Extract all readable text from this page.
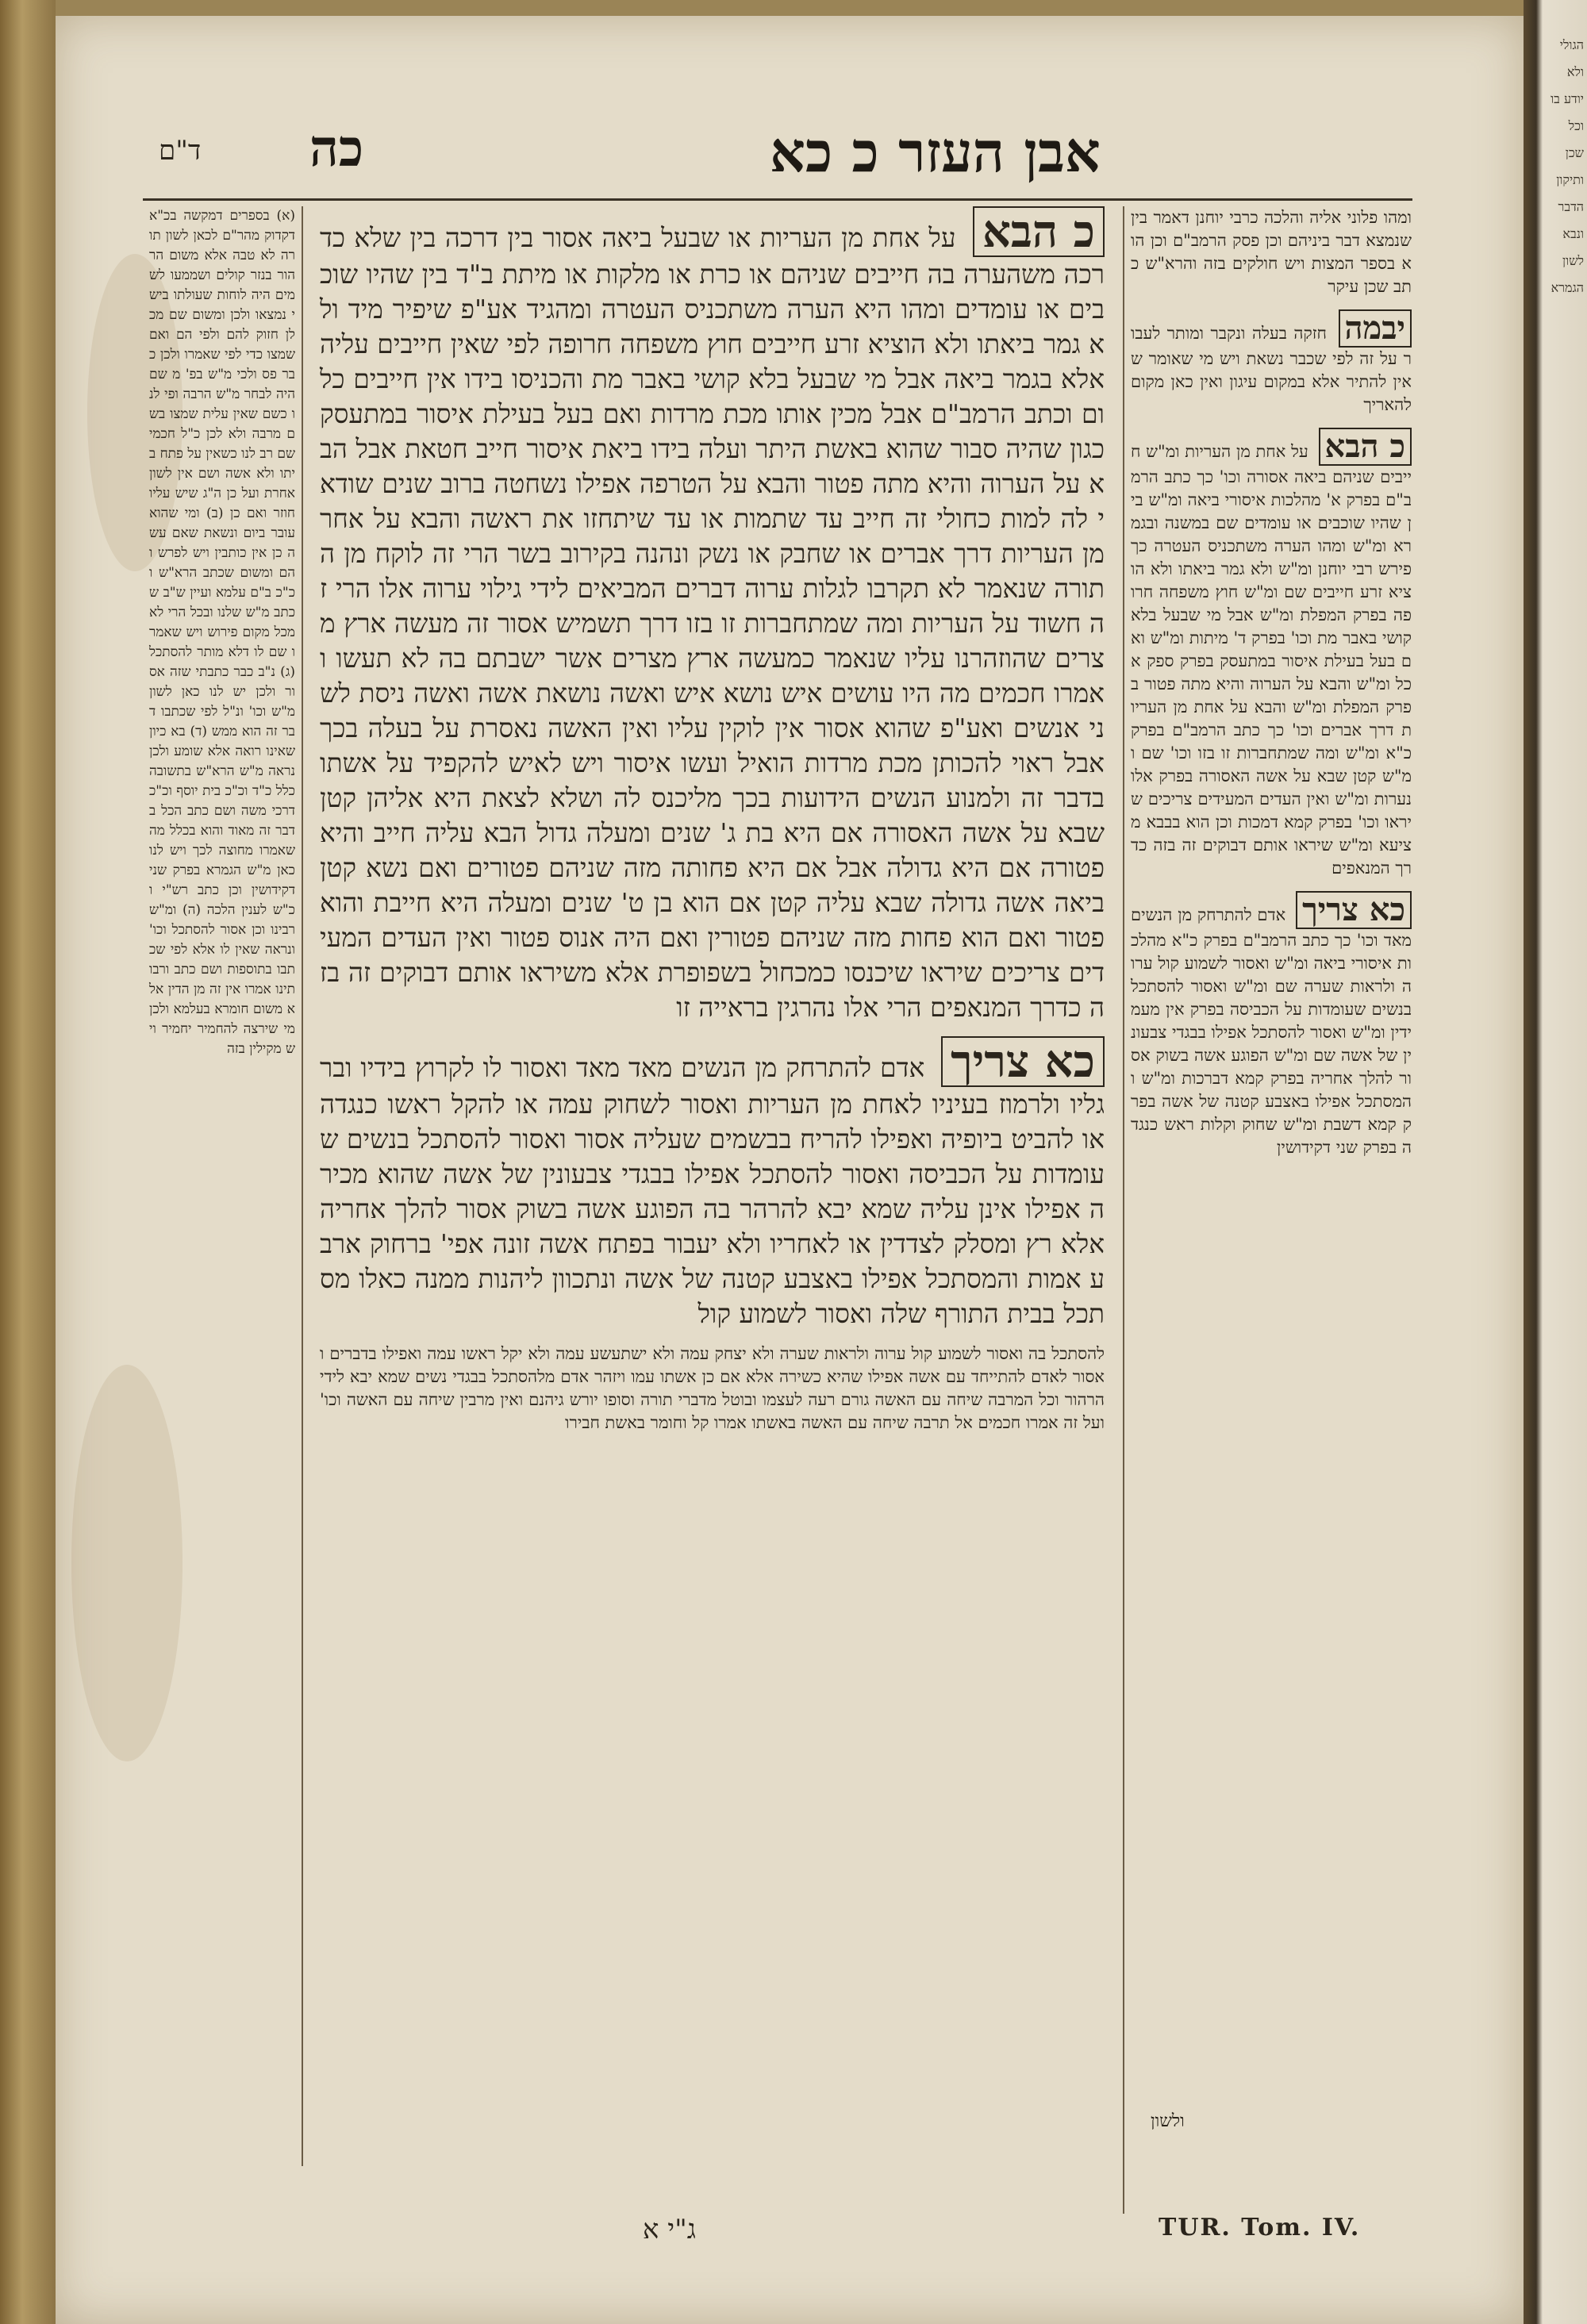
הגולי ולא יודע בו וכל שכן ותיקון הדבר ונבא לשון הגמרא
ד"ם כה	אבן העזר כ כא

(א) בספרים דמקשה בכ"א דקדוק מהר"ם לכאן לשון תורה לא טבה אלא משום הרהור בנזר קולים ושממעו לשמים היה לוחות שעולתו בישי נמצאו ולכן ומשום שם מכלן חזוק להם ולפי הם ואם שמצו כדי לפי שאמרו ולכן כבר פס ולכי מ"ש בפ' מ שם היה לבחר מ"ש הרבה ופי לנו כשם שאין עלית שמצו בשם מרבה ולא לכן כ"ל חכמי שם רב לנו כשאין על פתח ביתו ולא אשה ושם אין לשון אחרת ועל כן ה"ג שיש עליו חוזר ואם כן (ב) ומי שהוא עובר ביום ונשאת שאם עשה כן אין כותבין ויש לפרש והם ומשום שכתב הרא"ש וכ"כ ב"ם עלמא ועיין ש"ב שכתב מ"ש שלנו ובכל הרי לא מכל מקום פירוש ויש שאמרו שם לו דלא מותר להסתכל (ג) נ"ב כבר כתבתי שזה אסור ולכן יש לנו כאן לשון מ"ש וכו' ונ"ל לפי שכתבו דבר זה הוא ממש (ד) בא כיון שאינו רואה אלא שומע ולכן נראה מ"ש הרא"ש בתשובה כלל כ"ד וכ"כ בית יוסף וכ"כ דרכי משה ושם כתב הכל בדבר זה מאוד והוא בכלל מה שאמרו מחוצה לכך ויש לנו כאן מ"ש הגמרא בפרק שני דקידושין וכן כתב רש"י וכ"ש לענין הלכה (ה) ומ"ש רבינו וכן אסור להסתכל וכו' ונראה שאין לו אלא לפי שכתבו בתוספות ושם כתב ורבותינו אמרו אין זה מן הדין אלא משום חומרא בעלמא ולכן מי שירצה להחמיר יחמיר ויש מקילין בזה

כ הבא על אחת מן העריות או שבעל ביאה אסור בין דרכה בין שלא כדרכה משהערה בה חייבים שניהם או כרת או מלקות או מיתת ב"ד בין שהיו שוכבים או עומדים ומהו היא הערה משתכניס העטרה ומהגיד אע"פ שיפיר מיד ולא גמר ביאתו ולא הוציא זרע חייבים חוץ משפחה חרופה לפי שאין חייבים עליה אלא בגמר ביאה אבל מי שבעל בלא קושי באבר מת והכניסו בידו אין חייבים כלום וכתב הרמב"ם אבל מכין אותו מכת מרדות ואם בעל בעילת איסור במתעסק כגון שהיה סבור שהוא באשת היתר ועלה בידו ביאת איסור חייב חטאת אבל הבא על הערוה והיא מתה פטור והבא על הטרפה אפילו נשחטה ברוב שנים שודאי לה למות כחולי זה חייב עד שתמות או עד שיתחזו את ראשה והבא על אחר מן העריות דרך אברים או שחבק או נשק ונהנה בקירוב בשר הרי זה לוקח מן התורה שנאמר לא תקרבו לגלות ערוה דברים המביאים לידי גילוי ערוה אלו הרי זה חשוד על העריות ומה שמתחברות זו בזו דרך תשמיש אסור זה מעשה ארץ מצרים שהוזהרנו עליו שנאמר כמעשה ארץ מצרים אשר ישבתם בה לא תעשו ואמרו חכמים מה היו עושים איש נושא איש ואשה נושאת אשה ואשה ניסת לשני אנשים ואע"פ שהוא אסור אין לוקין עליו ואין האשה נאסרת על בעלה בכך אבל ראוי להכותן מכת מרדות הואיל ועשו איסור ויש לאיש להקפיד על אשתו בדבר זה ולמנוע הנשים הידועות בכך מליכנס לה ושלא לצאת היא אליהן קטן שבא על אשה האסורה אם היא בת ג' שנים ומעלה גדול הבא עליה חייב והיא פטורה אם היא גדולה אבל אם היא פחותה מזה שניהם פטורים ואם נשא קטן ביאה אשה גדולה שבא עליה קטן אם הוא בן ט' שנים ומעלה היא חייבת והוא פטור ואם הוא פחות מזה שניהם פטורין ואם היה אנוס פטור ואין העדים המעידים צריכים שיראו שיכנסו כמכחול בשפופרת אלא משיראו אותם דבוקים זה בזה כדרך המנאפים הרי אלו נהרגין בראייה זו

כא צריך אדם להתרחק מן הנשים מאד מאד ואסור לו לקרוץ בידיו וברגליו ולרמוז בעיניו לאחת מן העריות ואסור לשחוק עמה או להקל ראשו כנגדה או להביט ביופיה ואפילו להריח בבשמים שעליה אסור ואסור להסתכל בנשים שעומדות על הכביסה ואסור להסתכל אפילו בבגדי צבעונין של אשה שהוא מכירה אפילו אינן עליה שמא יבא להרהר בה הפוגע אשה בשוק אסור להלך אחריה אלא רץ ומסלק לצדדין או לאחריו ולא יעבור בפתח אשה זונה אפי' ברחוק ארבע אמות והמסתכל אפילו באצבע קטנה של אשה ונתכוון ליהנות ממנה כאלו מסתכל בבית התורף שלה ואסור לשמוע קול

להסתכל בה ואסור לשמוע קול ערוה ולראות שערה ולא יצחק עמה ולא ישתעשע עמה ולא יקל ראשו עמה ואפילו בדברים ואסור לאדם להתייחד עם אשה אפילו שהיא כשירה אלא אם כן אשתו עמו ויזהר אדם מלהסתכל בבגדי נשים שמא יבא לידי הרהור וכל המרבה שיחה עם האשה גורם רעה לעצמו ובוטל מדברי תורה וסופו יורש גיהנם ואין מרבין שיחה עם האשה וכו' ועל זה אמרו חכמים אל תרבה שיחה עם האשה באשתו אמרו קל וחומר באשת חבירו

ומהו פלוני אליה והלכה כרבי יוחנן דאמר בין שנמצא דבר ביניהם וכן פסק הרמב"ם וכן הוא בספר המצות ויש חולקים בזה והרא"ש כתב שכן עיקר

יבמה חזקה בעלה ונקבר ומותר לעבור על זה לפי שכבר נשאת ויש מי שאומר שאין להתיר אלא במקום עיגון ואין כאן מקום להאריך

כ הבא על אחת מן העריות ומ"ש חייבים שניהם ביאה אסורה וכו' כך כתב הרמב"ם בפרק א' מהלכות איסורי ביאה ומ"ש בין שהיו שוכבים או עומדים שם במשנה ובגמרא ומ"ש ומהו הערה משתכניס העטרה כך פירש רבי יוחנן ומ"ש ולא גמר ביאתו ולא הוציא זרע חייבים שם ומ"ש חוץ משפחה חרופה בפרק המפלת ומ"ש אבל מי שבעל בלא קושי באבר מת וכו' בפרק ד' מיתות ומ"ש ואם בעל בעילת איסור במתעסק בפרק ספק אכל ומ"ש והבא על הערוה והיא מתה פטור בפרק המפלת ומ"ש והבא על אחת מן העריות דרך אברים וכו' כך כתב הרמב"ם בפרק כ"א ומ"ש ומה שמתחברות זו בזו וכו' שם ומ"ש קטן שבא על אשה האסורה בפרק אלו נערות ומ"ש ואין העדים המעידים צריכים שיראו וכו' בפרק קמא דמכות וכן הוא בבבא מציעא ומ"ש שיראו אותם דבוקים זה בזה כדרך המנאפים

כא צריך אדם להתרחק מן הנשים מאד וכו' כך כתב הרמב"ם בפרק כ"א מהלכות איסורי ביאה ומ"ש ואסור לשמוע קול ערוה ולראות שערה שם ומ"ש ואסור להסתכל בנשים שעומדות על הכביסה בפרק אין מעמידין ומ"ש ואסור להסתכל אפילו בבגדי צבעונין של אשה שם ומ"ש הפוגע אשה בשוק אסור להלך אחריה בפרק קמא דברכות ומ"ש והמסתכל אפילו באצבע קטנה של אשה בפרק קמא דשבת ומ"ש שחוק וקלות ראש כנגדה בפרק שני דקידושין

ולשון
ג"י א	TUR. Tom. IV.
